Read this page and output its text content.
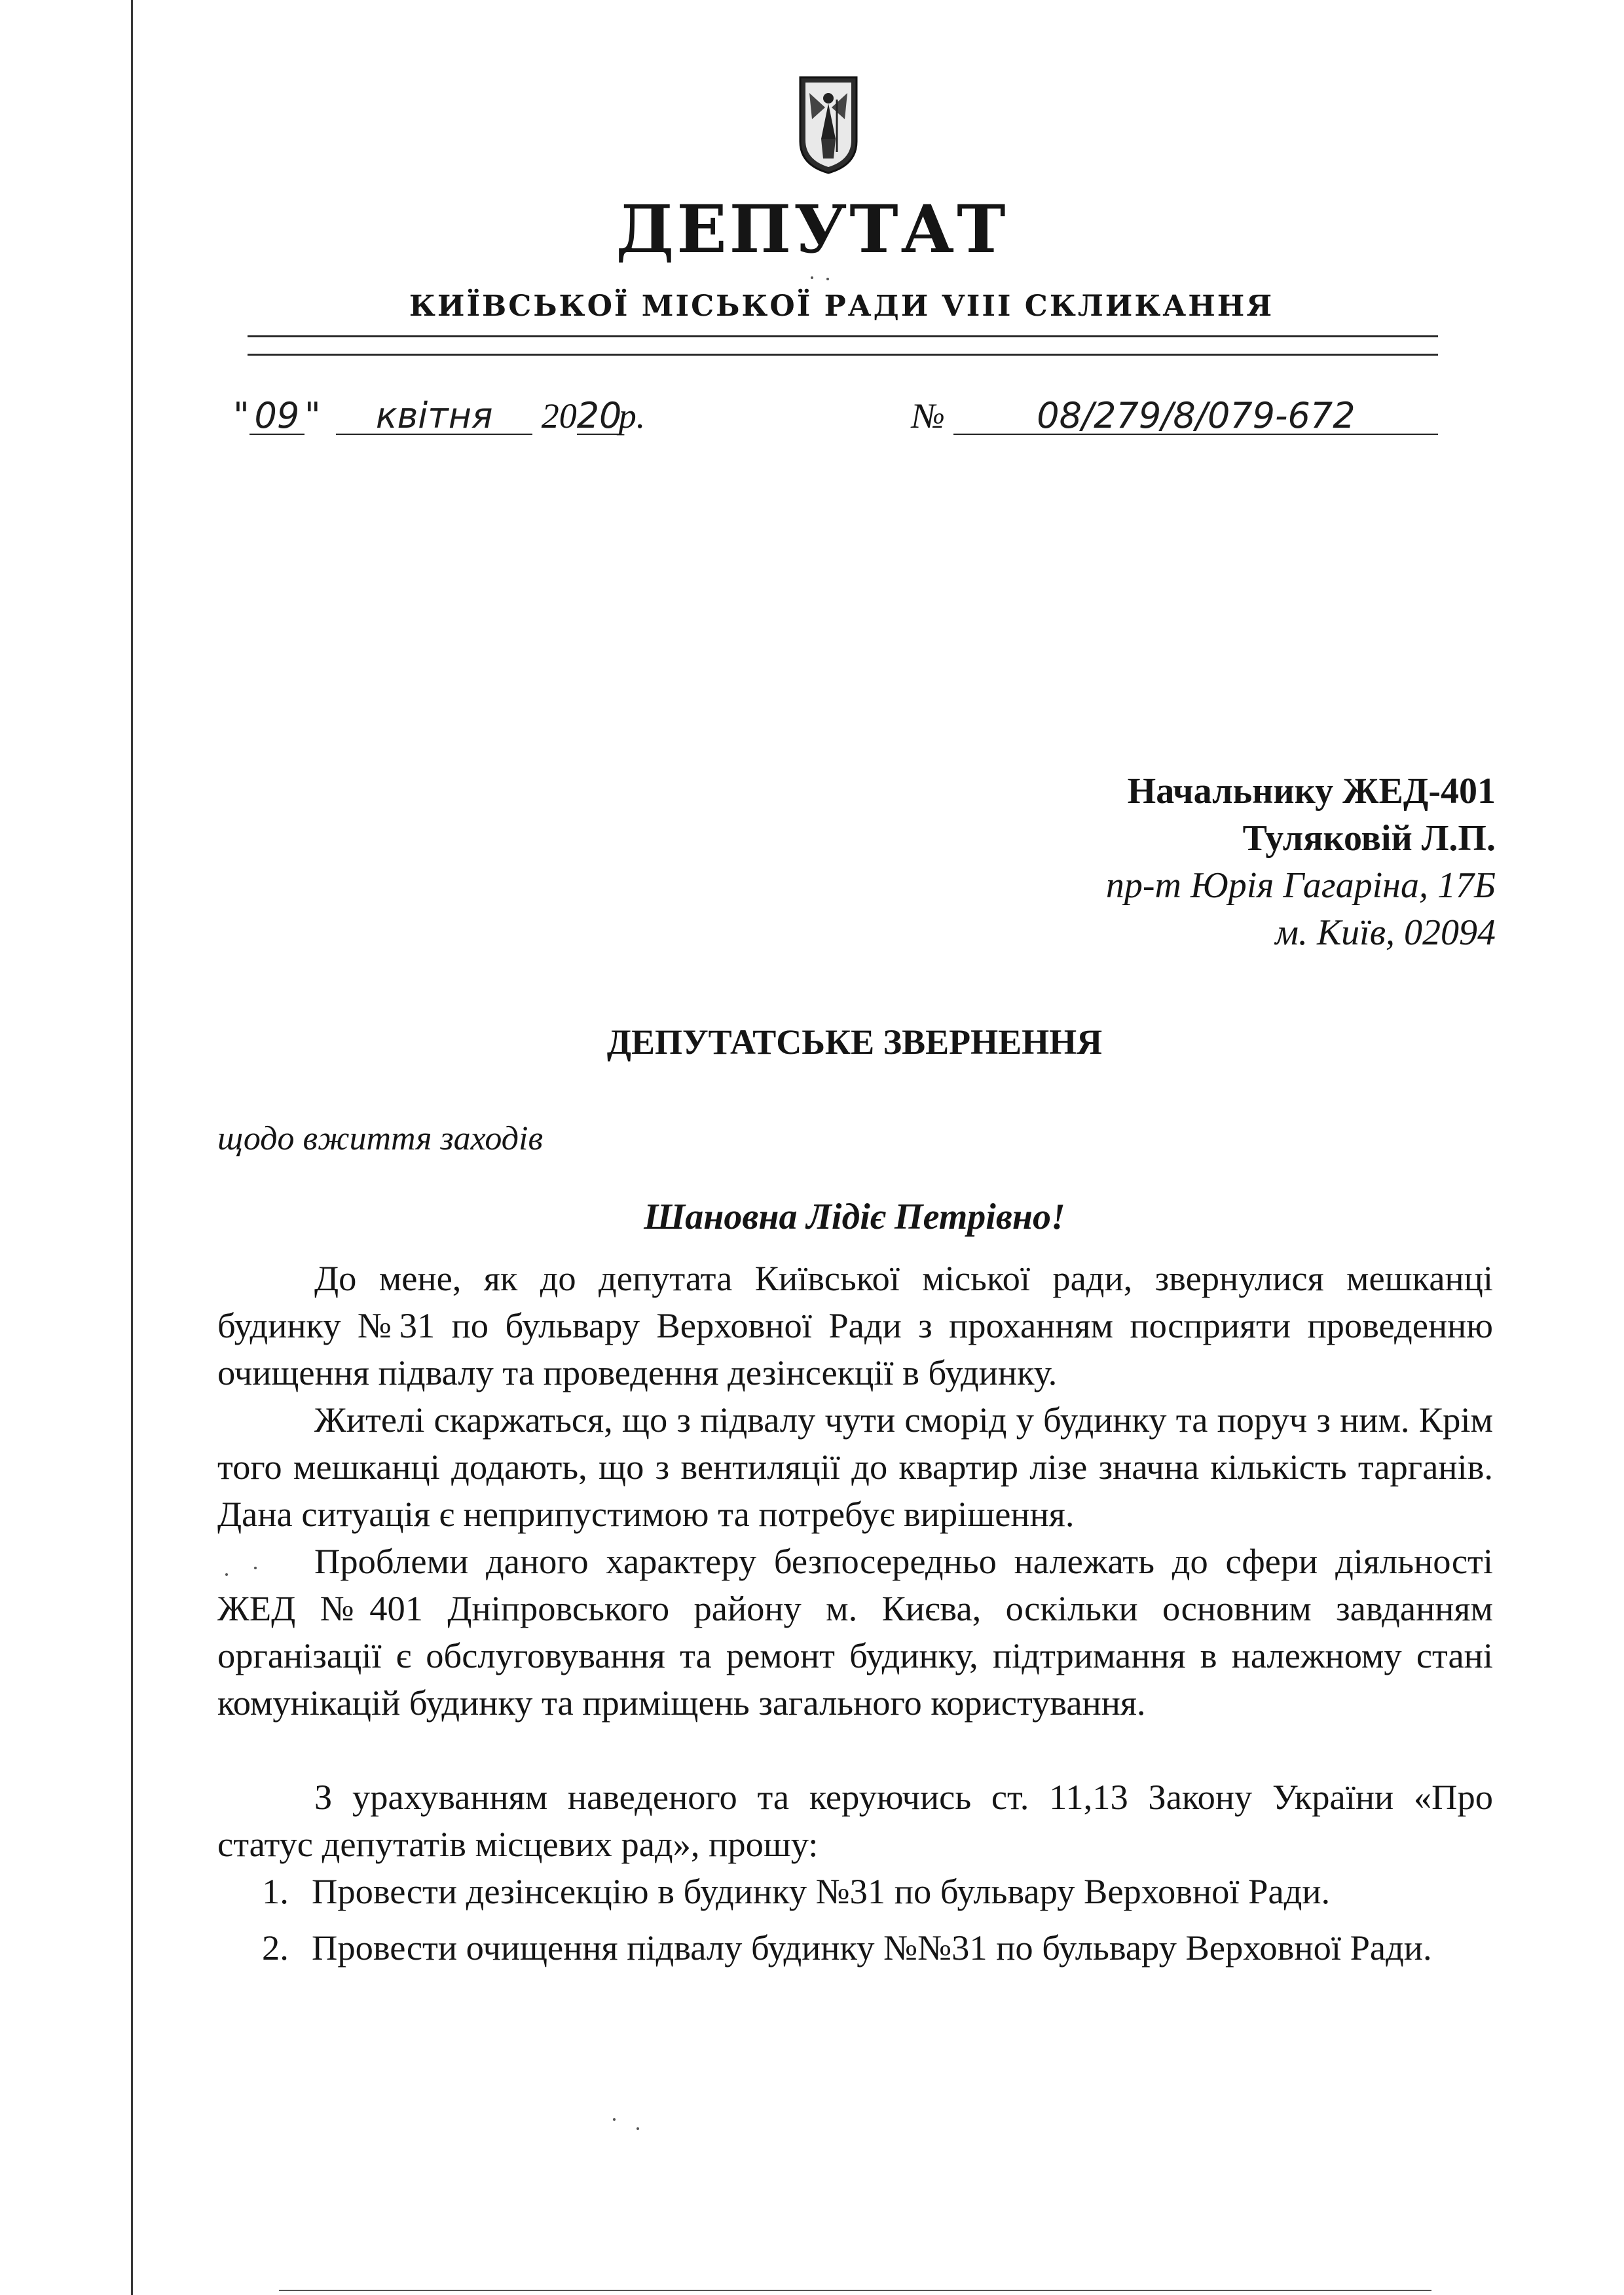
ДЕПУТАТ
КИЇВСЬКОЇ МІСЬКОЇ РАДИ VIII СКЛИКАННЯ
" 09 " квітня 2020р.	№	08/279/8/079-672
Начальнику ЖЕД-401
Туляковій Л.П.
пр-т Юрія Гагаріна, 17Б
м. Київ, 02094
ДЕПУТАТСЬКЕ ЗВЕРНЕННЯ
щодо вжиття заходів
Шановна Лідіє Петрівно!

До мене, як до депутата Київської міської ради, звернулися мешканці будинку №31 по бульвару Верховної Ради з проханням посприяти проведенню очищення підвалу та проведення дезінсекції в будинку.

Жителі скаржаться, що з підвалу чути сморід у будинку та поруч з ним. Крім того мешканці додають, що з вентиляції до квартир лізе значна кількість тарганів. Дана ситуація є неприпустимою та потребує вирішення.

Проблеми даного характеру безпосередньо належать до сфери діяльності ЖЕД №401 Дніпровського району м. Києва, оскільки основним завданням організації є обслуговування та ремонт будинку, підтримання в належному стані комунікацій будинку та приміщень загального користування.

З урахуванням наведеного та керуючись ст. 11,13 Закону України «Про статус депутатів місцевих рад», прошу:

1. Провести дезінсекцію в будинку №31 по бульвару Верховної Ради.
2. Провести очищення підвалу будинку №№31 по бульвару Верховної Ради.
